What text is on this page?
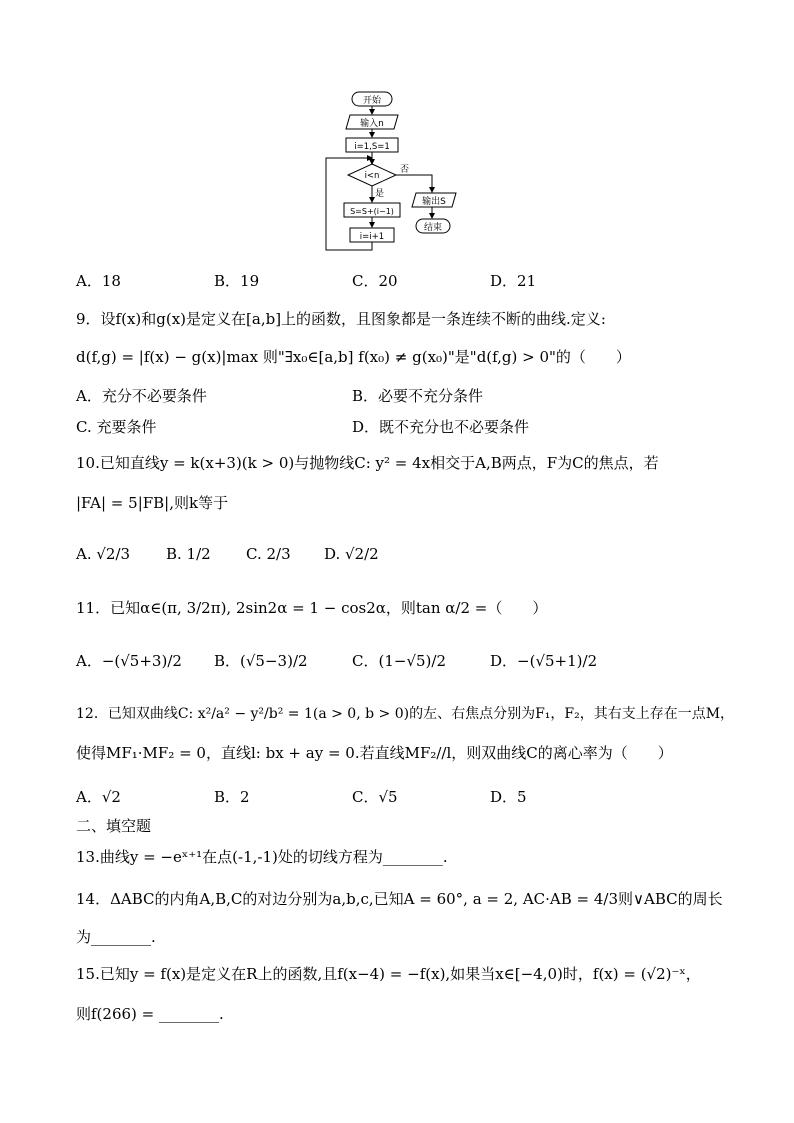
开始
输入n
i=1,S=1
i<n
否
是
S=S+(i−1)
i=i+1
输出S
结束
A．18	B．19	C．20	D．21
9．设f(x)和g(x)是定义在[a,b]上的函数，且图象都是一条连续不断的曲线.定义:
d(f,g) = |f(x) − g(x)|max 则"∃x₀∈[a,b] f(x₀) ≠ g(x₀)"是"d(f,g) > 0"的（　　）
A．充分不必要条件	B．必要不充分条件
C. 充要条件	D．既不充分也不必要条件
10.已知直线y = k(x+3)(k > 0)与抛物线C: y² = 4x相交于A,B两点，F为C的焦点，若
|FA| = 5|FB|,则k等于
A. √2/3 B. 1/2 C. 2/3 D. √2/2
11．已知α∈(π, 3/2π), 2sin2α = 1 − cos2α，则tan α/2 =（　　）
A．−(√5+3)/2 B．(√5−3)/2	C．(1−√5)/2	D．−(√5+1)/2
12．已知双曲线C: x²/a² − y²/b² = 1(a > 0, b > 0)的左、右焦点分别为F₁，F₂，其右支上存在一点M，
使得MF₁·MF₂ = 0，直线l: bx + ay = 0.若直线MF₂//l，则双曲线C的离心率为（　　）
A．√2	B．2	C．√5	D．5
二、填空题
13.曲线y = −eˣ⁺¹在点(-1,-1)处的切线方程为________.
14．ΔABC的内角A,B,C的对边分别为a,b,c,已知A = 60°, a = 2, AC·AB = 4/3则∨ABC的周长
为________.
15.已知y = f(x)是定义在R上的函数,且f(x−4) = −f(x),如果当x∈[−4,0)时，f(x) = (√2)⁻ˣ，
则f(266) = ________.
